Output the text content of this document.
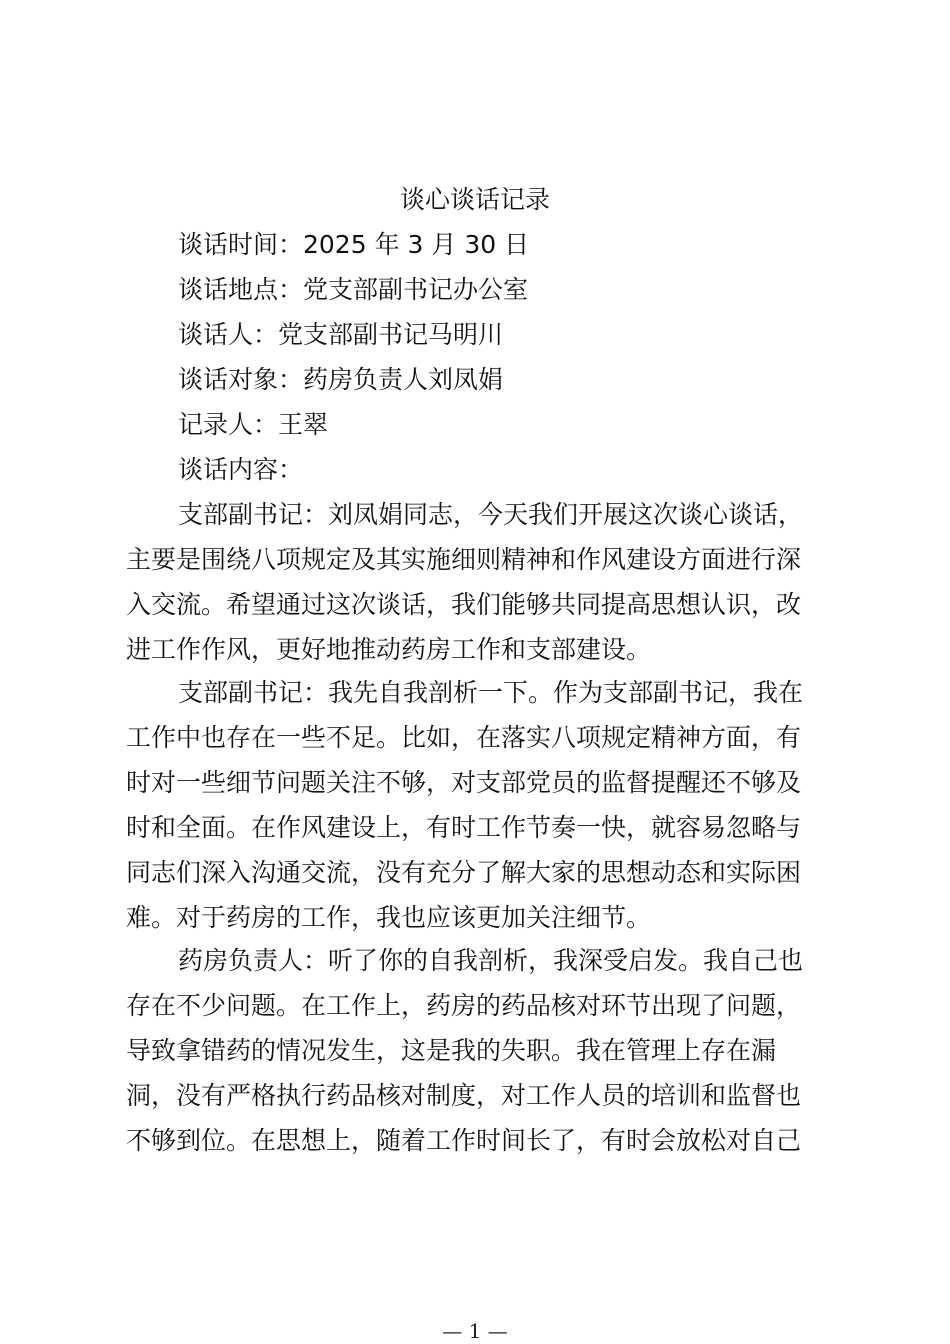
谈心谈话记录
谈话时间：2025 年 3 月 30 日
谈话地点：党支部副书记办公室
谈话人：党支部副书记马明川
谈话对象：药房负责人刘凤娟
记录人：王翠
谈话内容：
支部副书记：刘凤娟同志，今天我们开展这次谈心谈话，
主要是围绕八项规定及其实施细则精神和作风建设方面进行深
入交流。希望通过这次谈话，我们能够共同提高思想认识，改
进工作作风，更好地推动药房工作和支部建设。
支部副书记：我先自我剖析一下。作为支部副书记，我在
工作中也存在一些不足。比如，在落实八项规定精神方面，有
时对一些细节问题关注不够，对支部党员的监督提醒还不够及
时和全面。在作风建设上，有时工作节奏一快，就容易忽略与
同志们深入沟通交流，没有充分了解大家的思想动态和实际困
难。对于药房的工作，我也应该更加关注细节。
药房负责人：听了你的自我剖析，我深受启发。我自己也
存在不少问题。在工作上，药房的药品核对环节出现了问题，
导致拿错药的情况发生，这是我的失职。我在管理上存在漏
洞，没有严格执行药品核对制度，对工作人员的培训和监督也
不够到位。在思想上，随着工作时间长了，有时会放松对自己
— 1 —
